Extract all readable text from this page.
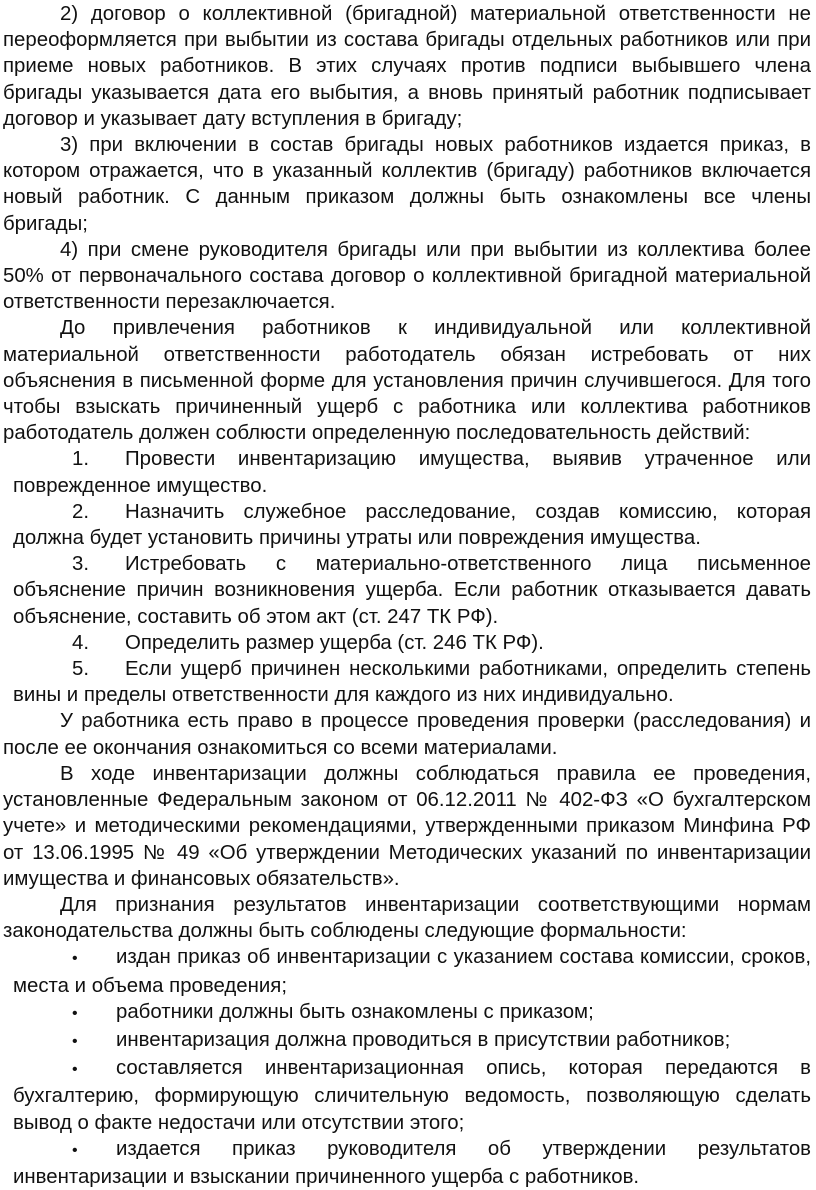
2) договор о коллективной (бригадной) материальной ответственности не переоформляется при выбытии из состава бригады отдельных работников или при приеме новых работников. В этих случаях против подписи выбывшего члена бригады указывается дата его выбытия, а вновь принятый работник подписывает договор и указывает дату вступления в бригаду;

3) при включении в состав бригады новых работников издается приказ, в котором отражается, что в указанный коллектив (бригаду) работников включается новый работник. С данным приказом должны быть ознакомлены все члены бригады;

4) при смене руководителя бригады или при выбытии из коллектива более 50% от первоначального состава договор о коллективной бригадной материальной ответственности перезаключается.

До привлечения работников к индивидуальной или коллективной материальной ответственности работодатель обязан истребовать от них объяснения в письменной форме для установления причин случившегося. Для того чтобы взыскать причиненный ущерб с работника или коллектива работников работодатель должен соблюсти определенную последовательность действий:

1. Провести инвентаризацию имущества, выявив утраченное или поврежденное имущество.
2. Назначить служебное расследование, создав комиссию, которая должна будет установить причины утраты или повреждения имущества.
3. Истребовать с материально-ответственного лица письменное объяснение причин возникновения ущерба. Если работник отказывается давать объяснение, составить об этом акт (ст. 247 ТК РФ).
4. Определить размер ущерба (ст. 246 ТК РФ).
5. Если ущерб причинен несколькими работниками, определить степень вины и пределы ответственности для каждого из них индивидуально.

У работника есть право в процессе проведения проверки (расследования) и после ее окончания ознакомиться со всеми материалами.

В ходе инвентаризации должны соблюдаться правила ее проведения, установленные Федеральным законом от 06.12.2011 № 402-ФЗ «О бухгалтерском учете» и методическими рекомендациями, утвержденными приказом Минфина РФ от 13.06.1995 № 49 «Об утверждении Методических указаний по инвентаризации имущества и финансовых обязательств».

Для признания результатов инвентаризации соответствующими нормам законодательства должны быть соблюдены следующие формальности:

• издан приказ об инвентаризации с указанием состава комиссии, сроков, места и объема проведения;
• работники должны быть ознакомлены с приказом;
• инвентаризация должна проводиться в присутствии работников;
• составляется инвентаризационная опись, которая передаются в бухгалтерию, формирующую сличительную ведомость, позволяющую сделать вывод о факте недостачи или отсутствии этого;
• издается приказ руководителя об утверждении результатов инвентаризации и взыскании причиненного ущерба с работников.
